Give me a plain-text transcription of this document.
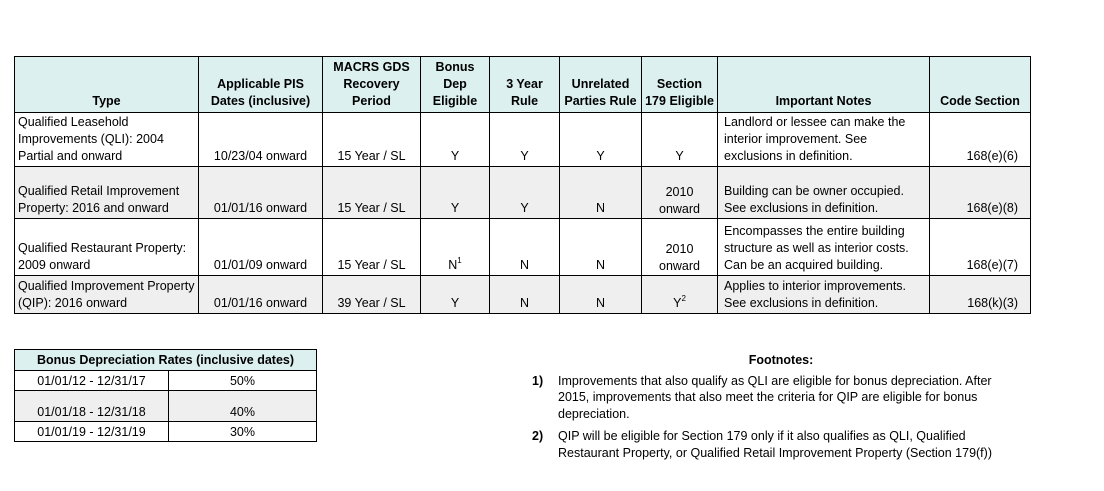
Type	Applicable PIS Dates (inclusive)	MACRS GDS Recovery Period	Bonus Dep Eligible	3 Year Rule	Unrelated Parties Rule	Section 179 Eligible	Important Notes	Code Section
Qualified Leasehold Improvements (QLI): 2004 Partial and onward	10/23/04 onward	15 Year / SL	Y	Y	Y	Y	Landlord or lessee can make the interior improvement. See exclusions in definition.	168(e)(6)
Qualified Retail Improvement Property: 2016 and onward	01/01/16 onward	15 Year / SL	Y	Y	N	2010 onward	Building can be owner occupied. See exclusions in definition.	168(e)(8)
Qualified Restaurant Property: 2009 onward	01/01/09 onward	15 Year / SL	$N^1$	N	N	2010 onward	Encompasses the entire building structure as well as interior costs. Can be an acquired building.	168(e)(7)
Qualified Improvement Property (QIP): 2016 onward	01/01/16 onward	39 Year / SL	Y	N	N	$Y^2$	Applies to interior improvements. See exclusions in definition.	168(k)(3)
Bonus Depreciation Rates (inclusive dates)	
01/01/12 - 12/31/17	50%
01/01/18 - 12/31/18	40%
01/01/19 - 12/31/19	30%
Footnotes:
1)	Improvements that also qualify as QLI are eligible for bonus depreciation. After 2015, improvements that also meet the criteria for QIP are eligible for bonus depreciation.
2)	QIP will be eligible for Section 179 only if it also qualifies as QLI, Qualified Restaurant Property, or Qualified Retail Improvement Property (Section 179(f))
